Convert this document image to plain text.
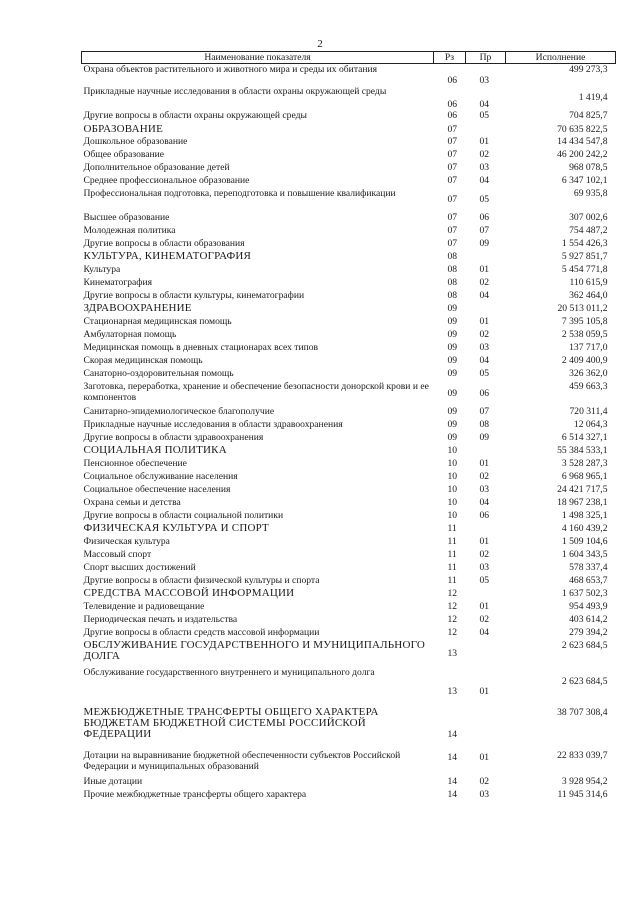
2
Наименование показателя	Рз	Пр	Исполнение
Охрана объектов растительного и животного мира и среды их обитания	06	03	499 273,3
Прикладные научные исследования в области охраны окружающей среды	06	04	1 419,4
Другие вопросы в области охраны окружающей среды	06	05	704 825,7
ОБРАЗОВАНИЕ	07		70 635 822,5
Дошкольное образование	07	01	14 434 547,8
Общее образование	07	02	46 200 242,2
Дополнительное образование детей	07	03	968 078,5
Среднее профессиональное образование	07	04	6 347 102,1
Профессиональная подготовка, переподготовка и повышение квалификации	07	05	69 935,8
Высшее образование	07	06	307 002,6
Молодежная политика	07	07	754 487,2
Другие вопросы в области образования	07	09	1 554 426,3
КУЛЬТУРА, КИНЕМАТОГРАФИЯ	08		5 927 851,7
Культура	08	01	5 454 771,8
Кинематография	08	02	110 615,9
Другие вопросы в области культуры, кинематографии	08	04	362 464,0
ЗДРАВООХРАНЕНИЕ	09		20 513 011,2
Стационарная медицинская помощь	09	01	7 395 105,8
Амбулаторная помощь	09	02	2 538 059,5
Медицинская помощь в дневных стационарах всех типов	09	03	137 717,0
Скорая медицинская помощь	09	04	2 409 400,9
Санаторно-оздоровительная помощь	09	05	326 362,0
Заготовка, переработка, хранение и обеспечение безопасности донорской крови и ее компонентов	09	06	459 663,3
Санитарно-эпидемиологическое благополучие	09	07	720 311,4
Прикладные научные исследования в области здравоохранения	09	08	12 064,3
Другие вопросы в области здравоохранения	09	09	6 514 327,1
СОЦИАЛЬНАЯ ПОЛИТИКА	10		55 384 533,1
Пенсионное обеспечение	10	01	3 528 287,3
Социальное обслуживание населения	10	02	6 968 965,1
Социальное обеспечение населения	10	03	24 421 717,5
Охрана семьи и детства	10	04	18 967 238,1
Другие вопросы в области социальной политики	10	06	1 498 325,1
ФИЗИЧЕСКАЯ КУЛЬТУРА И СПОРТ	11		4 160 439,2
Физическая культура	11	01	1 509 104,6
Массовый спорт	11	02	1 604 343,5
Спорт высших достижений	11	03	578 337,4
Другие вопросы в области физической культуры и спорта	11	05	468 653,7
СРЕДСТВА МАССОВОЙ ИНФОРМАЦИИ	12		1 637 502,3
Телевидение и радиовещание	12	01	954 493,9
Периодическая печать и издательства	12	02	403 614,2
Другие вопросы в области средств массовой информации	12	04	279 394,2
ОБСЛУЖИВАНИЕ ГОСУДАРСТВЕННОГО И МУНИЦИПАЛЬНОГО ДОЛГА	13		2 623 684,5
Обслуживание государственного внутреннего и муниципального долга	13	01	2 623 684,5
МЕЖБЮДЖЕТНЫЕ ТРАНСФЕРТЫ ОБЩЕГО ХАРАКТЕРА БЮДЖЕТАМ БЮДЖЕТНОЙ СИСТЕМЫ РОССИЙСКОЙ ФЕДЕРАЦИИ	14		38 707 308,4
Дотации на выравнивание бюджетной обеспеченности субъектов Российской Федерации и муниципальных образований	14	01	22 833 039,7
Иные дотации	14	02	3 928 954,2
Прочие межбюджетные трансферты общего характера	14	03	11 945 314,6
